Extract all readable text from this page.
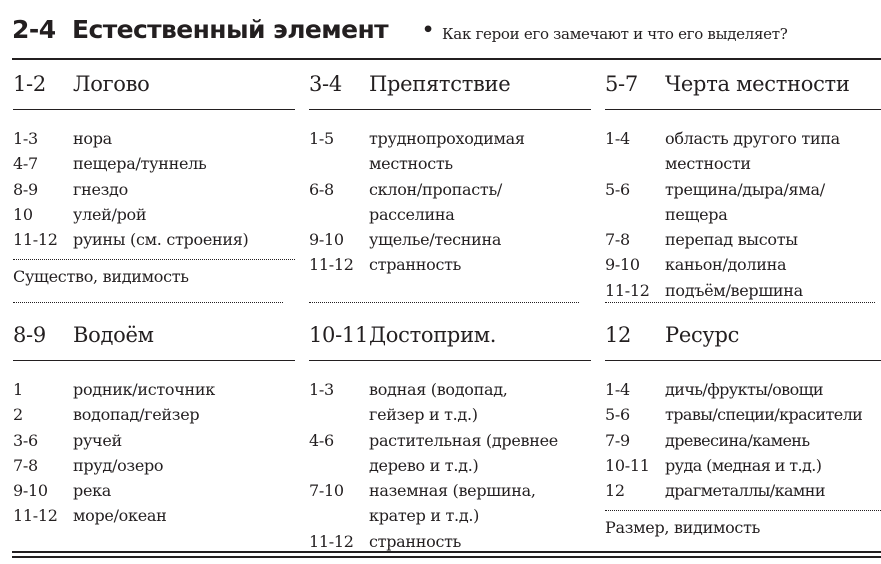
2-4 Естественный элемент • Как герои его замечают и что его выделяет?
1-2 Логово
1-3 нора
4-7 пещера/туннель
8-9 гнездо
10	улей/рой
11-12 руины (см. строения)
Существо, видимость
3-4 Препятствие
1-5 труднопроходимая
местность
6-8 склон/пропасть/
расселина
9-10 ущелье/теснина
11-12 странность
5-7 Черта местности
1-4 область другого типа
местности
5-6 трещина/дыра/яма/
пещера
7-8 перепад высоты
9-10 каньон/долина
11-12 подъём/вершина
8-9 Водоём
1	родник/источник
2	водопад/гейзер
3-6 ручей
7-8 пруд/озеро
9-10 река
11-12 море/океан
10-11 Достоприм.
1-3 водная (водопад,
гейзер и т.д.)
4-6 растительная (древнее
дерево и т.д.)
7-10 наземная (вершина,
кратер и т.д.)
11-12 странность
12 Ресурс
1-4 дичь/фрукты/овощи
5-6 травы/специи/красители
7-9 древесина/камень
10-11 руда (медная и т.д.)
12	драгметаллы/камни
Размер, видимость
